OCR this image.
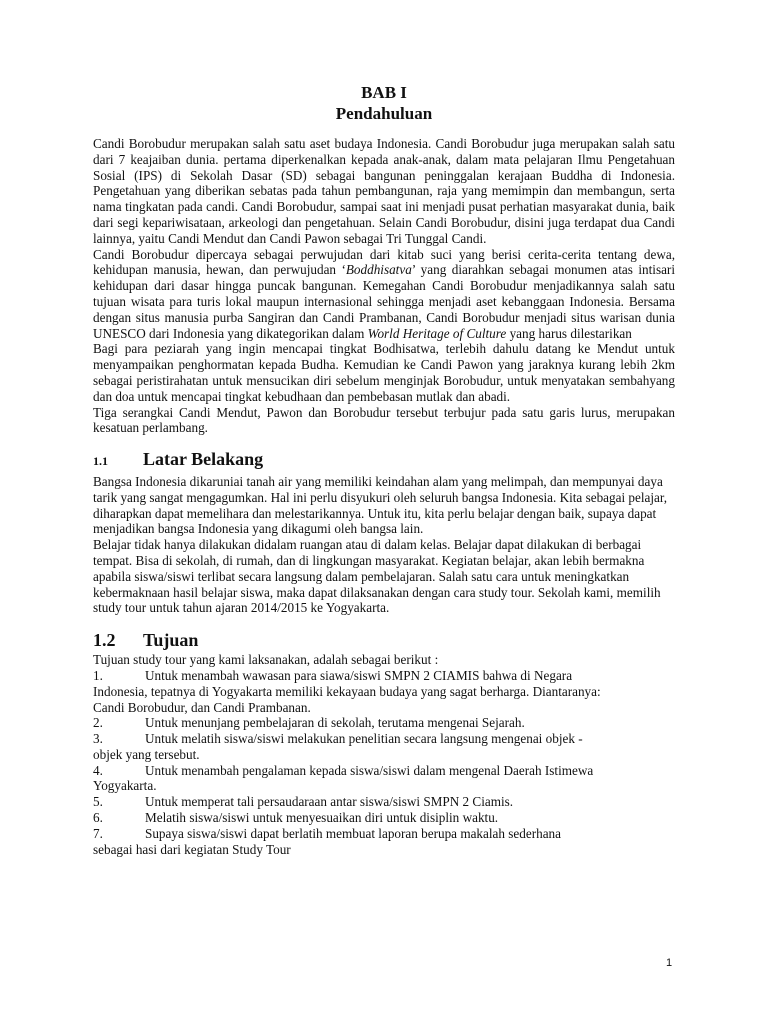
BAB I
Pendahuluan

Candi Borobudur merupakan salah satu aset budaya Indonesia. Candi Borobudur juga merupakan salah satu dari 7 keajaiban dunia. pertama diperkenalkan kepada anak-anak, dalam mata pelajaran Ilmu Pengetahuan Sosial (IPS) di Sekolah Dasar (SD) sebagai bangunan peninggalan kerajaan Buddha di Indonesia. Pengetahuan yang diberikan sebatas pada tahun pembangunan, raja yang memimpin dan membangun, serta nama tingkatan pada candi. Candi Borobudur, sampai saat ini menjadi pusat perhatian masyarakat dunia, baik dari segi kepariwisataan, arkeologi dan pengetahuan. Selain Candi Borobudur, disini juga terdapat dua Candi lainnya, yaitu Candi Mendut dan Candi Pawon sebagai Tri Tunggal Candi.

Candi Borobudur dipercaya sebagai perwujudan dari kitab suci yang berisi cerita-cerita tentang dewa, kehidupan manusia, hewan, dan perwujudan ‘Boddhisatva’ yang diarahkan sebagai monumen atas intisari kehidupan dari dasar hingga puncak bangunan. Kemegahan Candi Borobudur menjadikannya salah satu tujuan wisata para turis lokal maupun internasional sehingga menjadi aset kebanggaan Indonesia. Bersama dengan situs manusia purba Sangiran dan Candi Prambanan, Candi Borobudur menjadi situs warisan dunia UNESCO dari Indonesia yang dikategorikan dalam World Heritage of Culture yang harus dilestarikan

Bagi para peziarah yang ingin mencapai tingkat Bodhisatwa, terlebih dahulu datang ke Mendut untuk menyampaikan penghormatan kepada Budha. Kemudian ke Candi Pawon yang jaraknya kurang lebih 2km sebagai peristirahatan untuk mensucikan diri sebelum menginjak Borobudur, untuk menyatakan sembahyang dan doa untuk mencapai tingkat kebudhaan dan pembebasan mutlak dan abadi.

Tiga serangkai Candi Mendut, Pawon dan Borobudur tersebut terbujur pada satu garis lurus, merupakan kesatuan perlambang.

1.1	Latar Belakang

Bangsa Indonesia dikaruniai tanah air yang memiliki keindahan alam yang melimpah, dan mempunyai daya tarik yang sangat mengagumkan. Hal ini perlu disyukuri oleh seluruh bangsa Indonesia. Kita sebagai pelajar, diharapkan dapat memelihara dan melestarikannya. Untuk itu, kita perlu belajar dengan baik, supaya dapat menjadikan bangsa Indonesia yang dikagumi oleh bangsa lain.

Belajar tidak hanya dilakukan didalam ruangan atau di dalam kelas. Belajar dapat dilakukan di berbagai tempat. Bisa di sekolah, di rumah, dan di lingkungan masyarakat. Kegiatan belajar, akan lebih bermakna apabila siswa/siswi terlibat secara langsung dalam pembelajaran. Salah satu cara untuk meningkatkan kebermaknaan hasil belajar siswa, maka dapat dilaksanakan dengan cara study tour. Sekolah kami, memilih study tour untuk tahun ajaran 2014/2015 ke Yogyakarta.

1.2	Tujuan

Tujuan study tour yang kami laksanakan, adalah sebagai berikut :

1.	Untuk menambah wawasan para siawa/siswi SMPN 2 CIAMIS bahwa di Negara

Indonesia, tepatnya di Yogyakarta memiliki kekayaan budaya yang sagat berharga. Diantaranya:

Candi Borobudur, dan Candi Prambanan.

2.	Untuk menunjang pembelajaran di sekolah, terutama mengenai Sejarah.
3.	Untuk melatih siswa/siswi melakukan penelitian secara langsung mengenai objek -

objek yang tersebut.

4.	Untuk menambah pengalaman kepada siswa/siswi dalam mengenal Daerah Istimewa

Yogyakarta.

5.	Untuk memperat tali persaudaraan antar siswa/siswi SMPN 2 Ciamis.
6.	Melatih siswa/siswi untuk menyesuaikan diri untuk disiplin waktu.
7.	Supaya siswa/siswi dapat berlatih membuat laporan berupa makalah sederhana

sebagai hasi dari kegiatan Study Tour

1
